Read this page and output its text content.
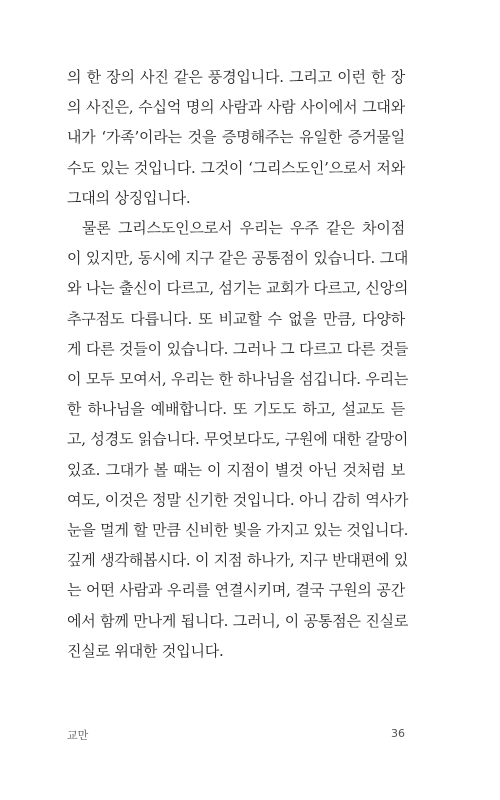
의 한 장의 사진 같은 풍경입니다. 그리고 이런 한 장
의 사진은, 수십억 명의 사람과 사람 사이에서 그대와
내가 ‘가족’이라는 것을 증명해주는 유일한 증거물일
수도 있는 것입니다. 그것이 ‘그리스도인’으로서 저와
그대의 상징입니다.

물론 그리스도인으로서 우리는 우주 같은 차이점
이 있지만, 동시에 지구 같은 공통점이 있습니다. 그대
와 나는 출신이 다르고, 섬기는 교회가 다르고, 신앙의
추구점도 다릅니다. 또 비교할 수 없을 만큼, 다양하
게 다른 것들이 있습니다. 그러나 그 다르고 다른 것들
이 모두 모여서, 우리는 한 하나님을 섬깁니다. 우리는
한 하나님을 예배합니다. 또 기도도 하고, 설교도 듣
고, 성경도 읽습니다. 무엇보다도, 구원에 대한 갈망이
있죠. 그대가 볼 때는 이 지점이 별것 아닌 것처럼 보
여도, 이것은 정말 신기한 것입니다. 아니 감히 역사가
눈을 멀게 할 만큼 신비한 빛을 가지고 있는 것입니다.
깊게 생각해봅시다. 이 지점 하나가, 지구 반대편에 있
는 어떤 사람과 우리를 연결시키며, 결국 구원의 공간
에서 함께 만나게 됩니다. 그러니, 이 공통점은 진실로
진실로 위대한 것입니다.

교만	36
